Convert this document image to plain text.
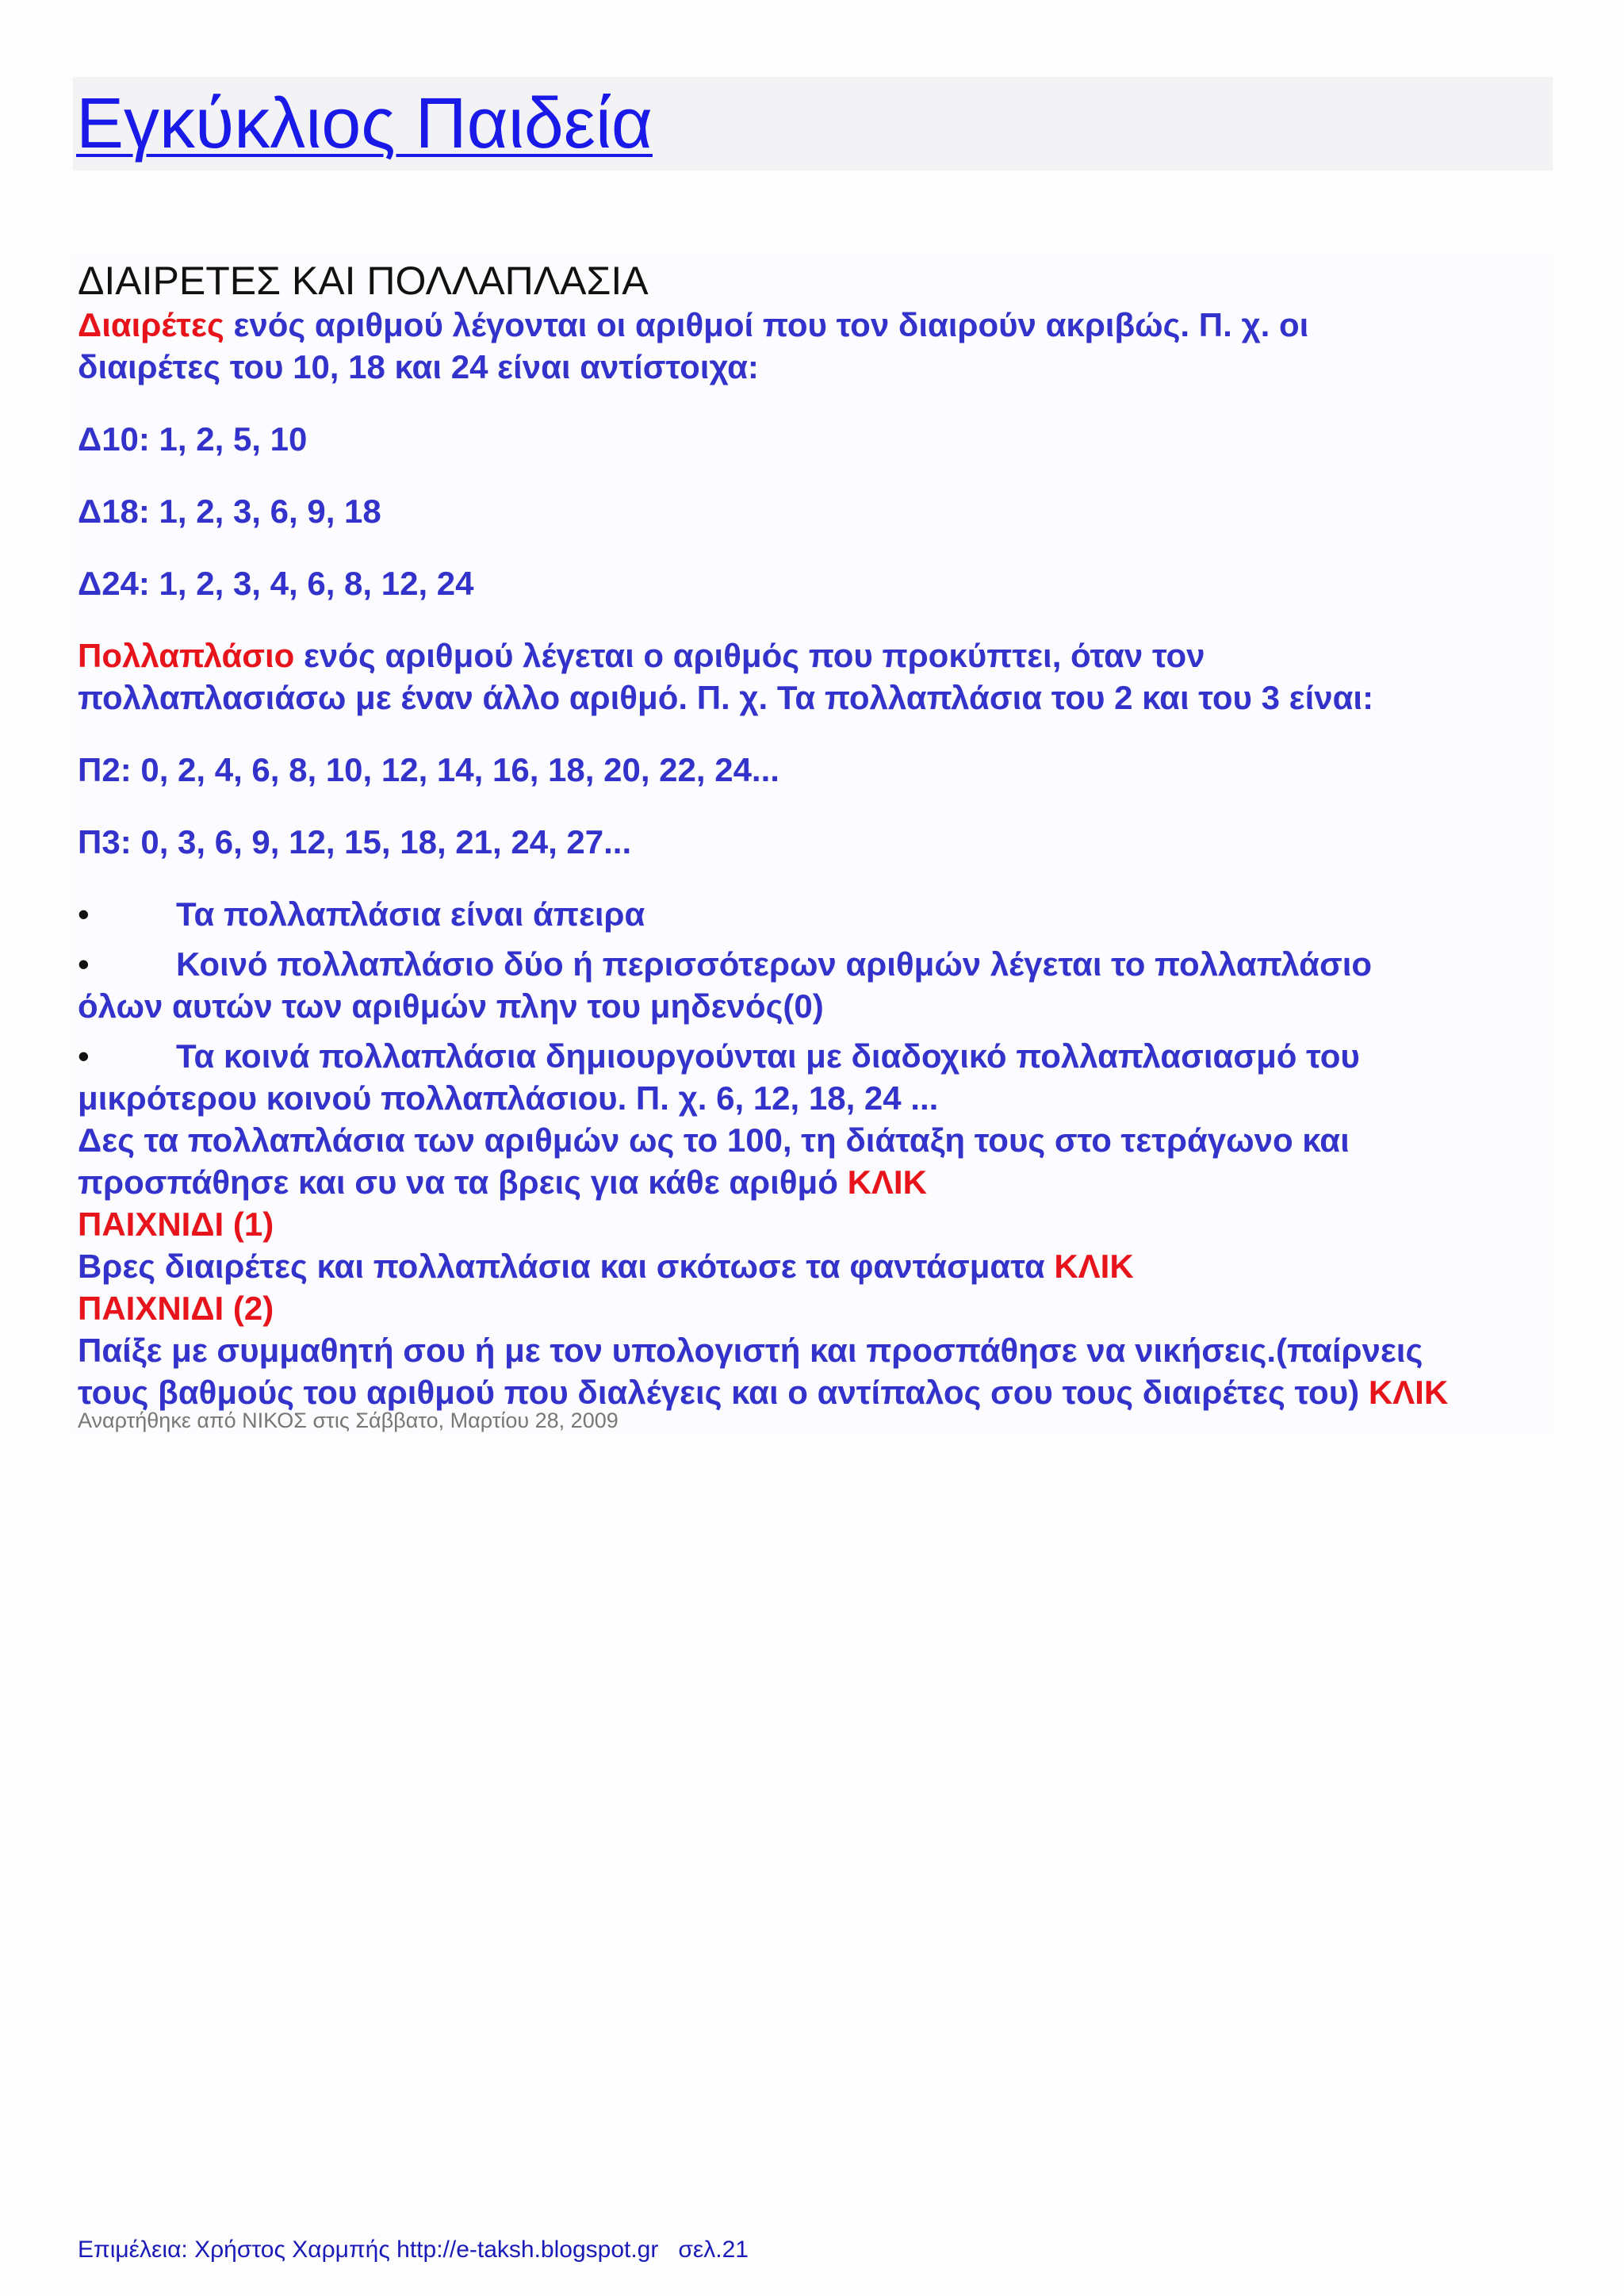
Εγκύκλιος Παιδεία
ΔΙΑΙΡΕΤΕΣ ΚΑΙ ΠΟΛΛΑΠΛΑΣΙΑ

Διαιρέτες ενός αριθμού λέγονται οι αριθμοί που τον διαιρούν ακριβώς. Π. χ. οι

διαιρέτες του 10, 18 και 24 είναι αντίστοιχα:

Δ10: 1, 2, 5, 10

Δ18: 1, 2, 3, 6, 9, 18

Δ24: 1, 2, 3, 4, 6, 8, 12, 24

Πολλαπλάσιο ενός αριθμού λέγεται ο αριθμός που προκύπτει, όταν τον

πολλαπλασιάσω με έναν άλλο αριθμό. Π. χ. Τα πολλαπλάσια του 2 και του 3 είναι:

Π2: 0, 2, 4, 6, 8, 10, 12, 14, 16, 18, 20, 22, 24...

Π3: 0, 3, 6, 9, 12, 15, 18, 21, 24, 27...

•	Τα πολλαπλάσια είναι άπειρα
•	Κοινό πολλαπλάσιο δύο ή περισσότερων αριθμών λέγεται το πολλαπλάσιο
όλων αυτών των αριθμών πλην του μηδενός(0)
•	Τα κοινά πολλαπλάσια δημιουργούνται με διαδοχικό πολλαπλασιασμό του
μικρότερου κοινού πολλαπλάσιου. Π. χ. 6, 12, 18, 24 ...

Δες τα πολλαπλάσια των αριθμών ως το 100, τη διάταξη τους στο τετράγωνο και

προσπάθησε και συ να τα βρεις για κάθε αριθμό ΚΛΙΚ

ΠΑΙΧΝΙΔΙ (1)

Βρες διαιρέτες και πολλαπλάσια και σκότωσε τα φαντάσματα ΚΛΙΚ

ΠΑΙΧΝΙΔΙ (2)

Παίξε με συμμαθητή σου ή με τον υπολογιστή και προσπάθησε να νικήσεις.(παίρνεις

τους βαθμούς του αριθμού που διαλέγεις και ο αντίπαλος σου τους διαιρέτες του) ΚΛΙΚ

Αναρτήθηκε από ΝΙΚΟΣ στις Σάββατο, Μαρτίου 28, 2009
Επιμέλεια: Χρήστος Χαρμπής http://e-taksh.blogspot.gr σελ.21
